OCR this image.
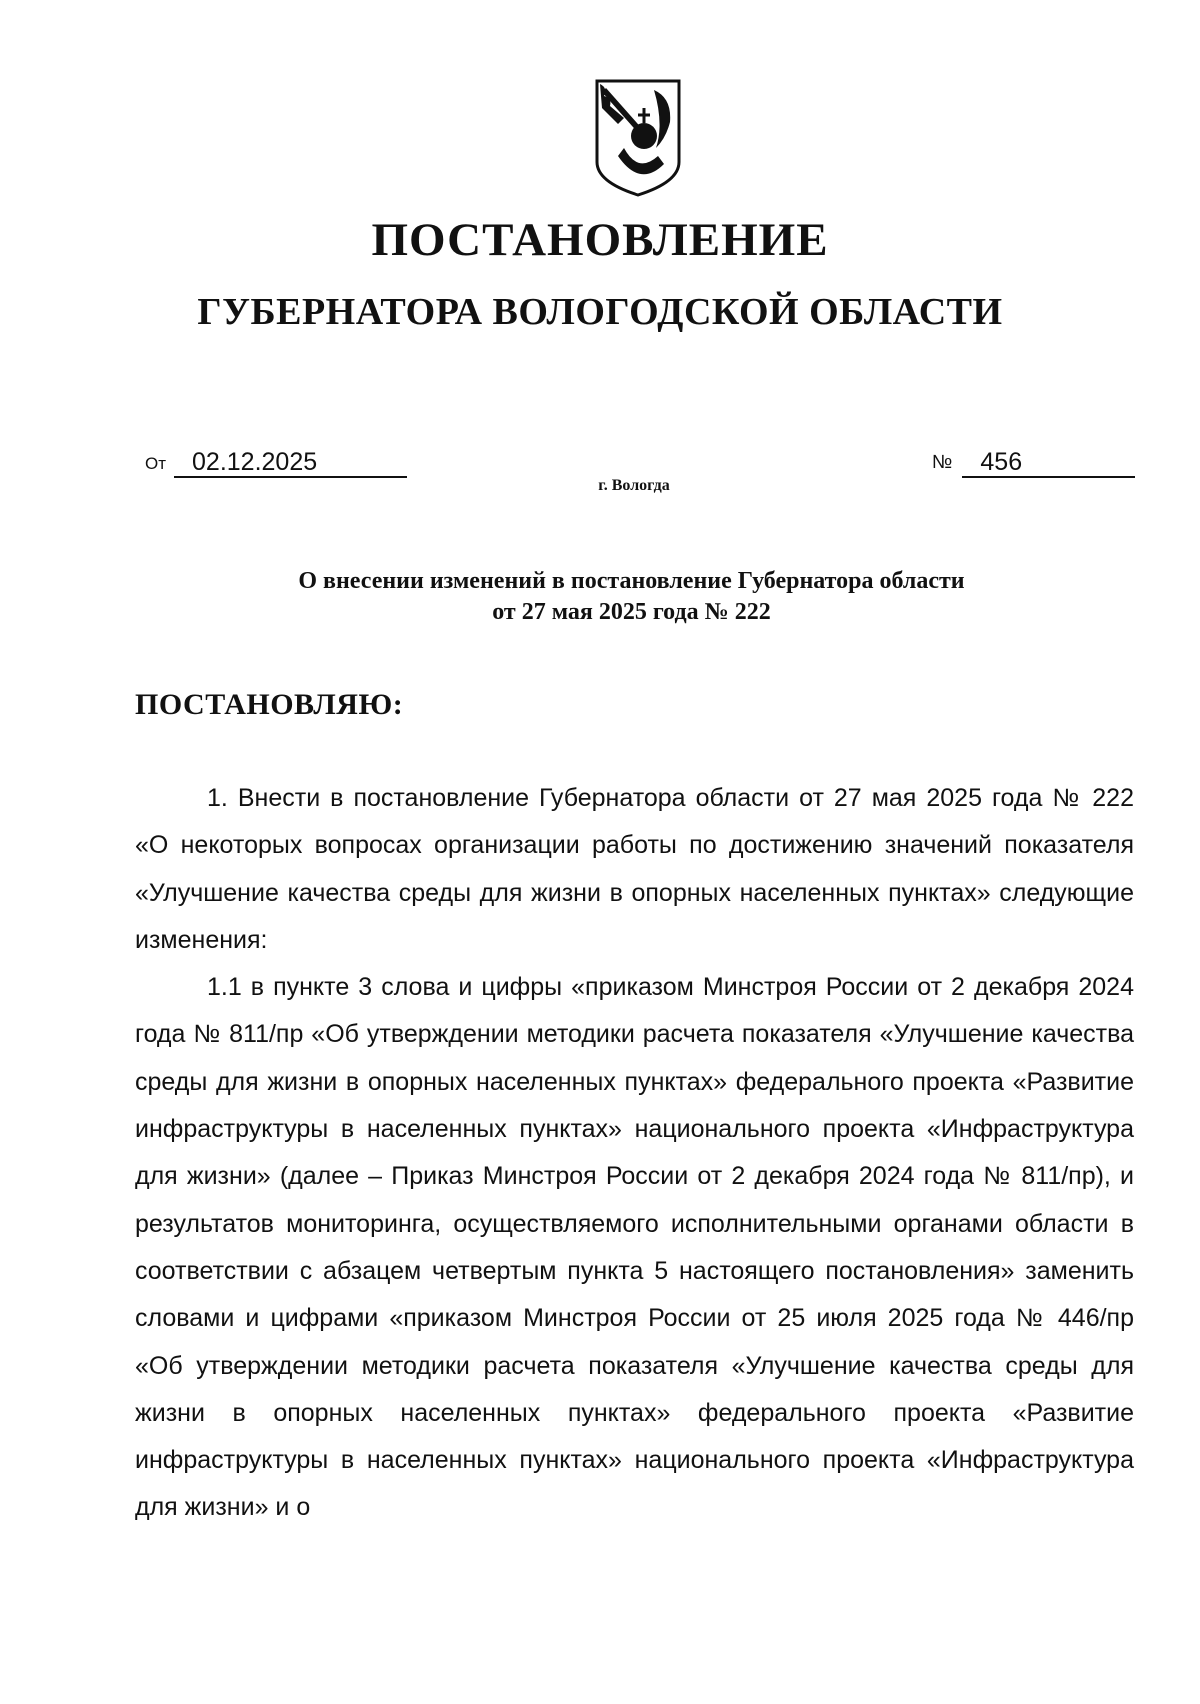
ПОСТАНОВЛЕНИЕ
ГУБЕРНАТОРА ВОЛОГОДСКОЙ ОБЛАСТИ
От	02.12.2025	№	456
г. Вологда
О внесении изменений в постановление Губернатора области
от 27 мая 2025 года № 222
ПОСТАНОВЛЯЮ:

1. Внести в постановление Губернатора области от 27 мая 2025 года № 222 «О некоторых вопросах организации работы по достижению значений показателя «Улучшение качества среды для жизни в опорных населенных пунктах» следующие изменения:

1.1 в пункте 3 слова и цифры «приказом Минстроя России от 2 декабря 2024 года № 811/пр «Об утверждении методики расчета показателя «Улучшение качества среды для жизни в опорных населенных пунктах» федерального проекта «Развитие инфраструктуры в населенных пунктах» национального проекта «Инфраструктура для жизни» (далее – Приказ Минстроя России от 2 декабря 2024 года № 811/пр), и результатов мониторинга, осуществляемого исполнительными органами области в соответствии с абзацем четвертым пункта 5 настоящего постановления» заменить словами и цифрами «приказом Минстроя России от 25 июля 2025 года № 446/пр «Об утверждении методики расчета показателя «Улучшение качества среды для жизни в опорных населенных пунктах» федерального проекта «Развитие инфраструктуры в населенных пунктах» национального проекта «Инфраструктура для жизни» и о
